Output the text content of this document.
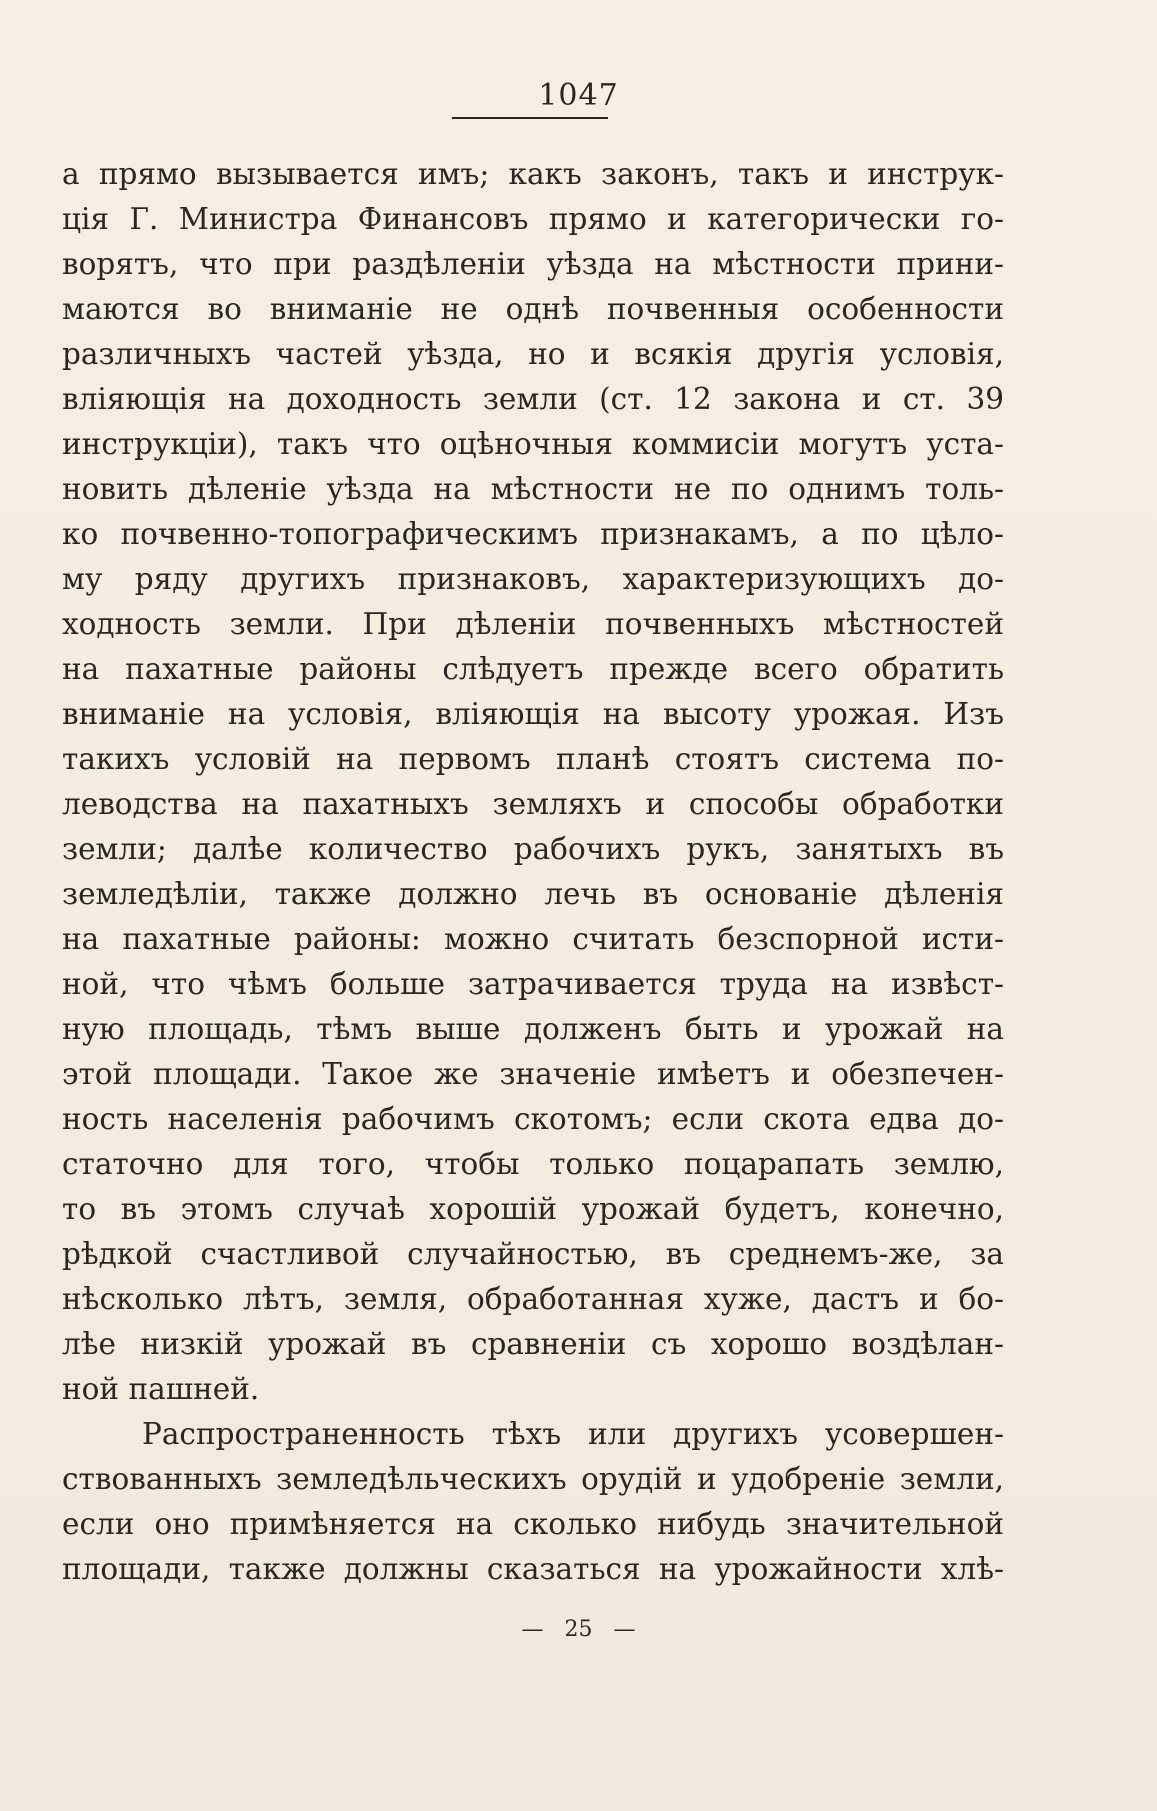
1047
а прямо вызывается имъ; какъ законъ, такъ и инструк-
ція Г. Министра Финансовъ прямо и категорически го-
ворятъ, что при раздѣленіи уѣзда на мѣстности прини-
маются во вниманіе не однѣ почвенныя особенности
различныхъ частей уѣзда, но и всякія другія условія,
вліяющія на доходность земли (ст. 12 закона и ст. 39
инструкціи), такъ что оцѣночныя коммисіи могутъ уста-
новить дѣленіе уѣзда на мѣстности не по однимъ толь-
ко почвенно-топографическимъ признакамъ, а по цѣло-
му ряду другихъ признаковъ, характеризующихъ до-
ходность земли. При дѣленіи почвенныхъ мѣстностей
на пахатные районы слѣдуетъ прежде всего обратить
вниманіе на условія, вліяющія на высоту урожая. Изъ
такихъ условій на первомъ планѣ стоятъ система по-
леводства на пахатныхъ земляхъ и способы обработки
земли; далѣе количество рабочихъ рукъ, занятыхъ въ
земледѣліи, также должно лечь въ основаніе дѣленія
на пахатные районы: можно считать безспорной исти-
ной, что чѣмъ больше затрачивается труда на извѣст-
ную площадь, тѣмъ выше долженъ быть и урожай на
этой площади. Такое же значеніе имѣетъ и обезпечен-
ность населенія рабочимъ скотомъ; если скота едва до-
статочно для того, чтобы только поцарапать землю,
то въ этомъ случаѣ хорошій урожай будетъ, конечно,
рѣдкой счастливой случайностью, въ среднемъ-же, за
нѣсколько лѣтъ, земля, обработанная хуже, дастъ и бо-
лѣе низкій урожай въ сравненіи съ хорошо воздѣлан-
ной пашней.
Распространенность тѣхъ или другихъ усовершен-
ствованныхъ земледѣльческихъ орудій и удобреніе земли,
если оно примѣняется на сколько нибудь значительной
площади, также должны сказаться на урожайности хлѣ-
— 25 —
